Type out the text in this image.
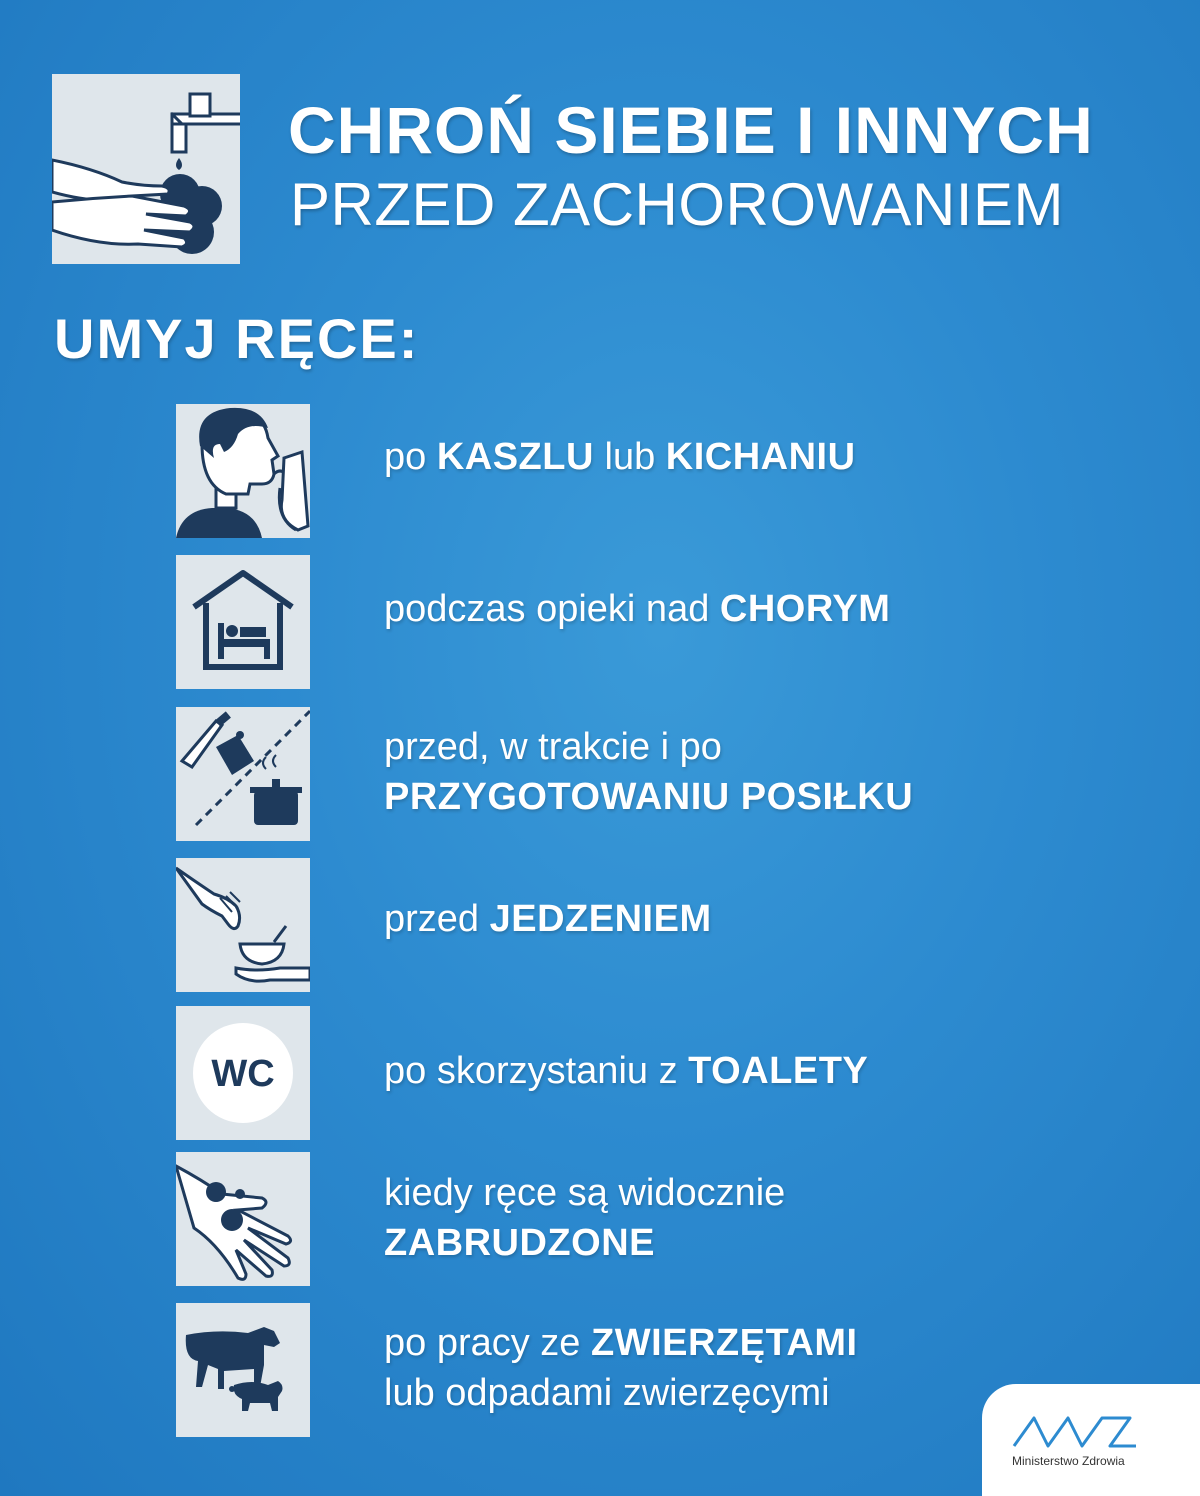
CHROŃ SIEBIE I INNYCH
PRZED ZACHOROWANIEM
UMYJ RĘCE:
po KASZLU lub KICHANIU
podczas opieki nad CHORYM
przed, w trakcie i po
PRZYGOTOWANIU POSIŁKU
przed JEDZENIEM
WC	po skorzystaniu z TOALETY
kiedy ręce są widocznie
ZABRUDZONE
po pracy ze ZWIERZĘTAMI
lub odpadami zwierzęcymi
Ministerstwo Zdrowia
